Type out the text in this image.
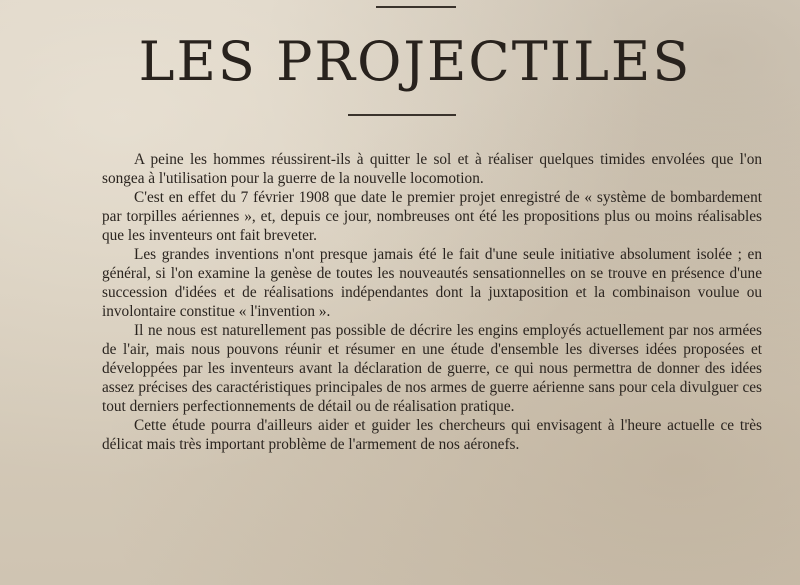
LES PROJECTILES

A peine les hommes réussirent-ils à quitter le sol et à réaliser quelques timides envolées que l'on songea à l'utilisation pour la guerre de la nouvelle locomotion.

C'est en effet du 7 février 1908 que date le premier projet enregistré de « système de bombardement par torpilles aériennes », et, depuis ce jour, nombreuses ont été les propositions plus ou moins réalisables que les inventeurs ont fait breveter.

Les grandes inventions n'ont presque jamais été le fait d'une seule initiative absolument isolée ; en général, si l'on examine la genèse de toutes les nouveautés sensationnelles on se trouve en présence d'une succession d'idées et de réalisations indépendantes dont la juxtaposition et la combinaison voulue ou involontaire constitue « l'invention ».

Il ne nous est naturellement pas possible de décrire les engins employés actuellement par nos armées de l'air, mais nous pouvons réunir et résumer en une étude d'ensemble les diverses idées proposées et développées par les inventeurs avant la déclaration de guerre, ce qui nous permettra de donner des idées assez précises des caractéristiques principales de nos armes de guerre aérienne sans pour cela divulguer ces tout derniers perfectionnements de détail ou de réalisation pratique.

Cette étude pourra d'ailleurs aider et guider les chercheurs qui envisagent à l'heure actuelle ce très délicat mais très important problème de l'armement de nos aéronefs.
